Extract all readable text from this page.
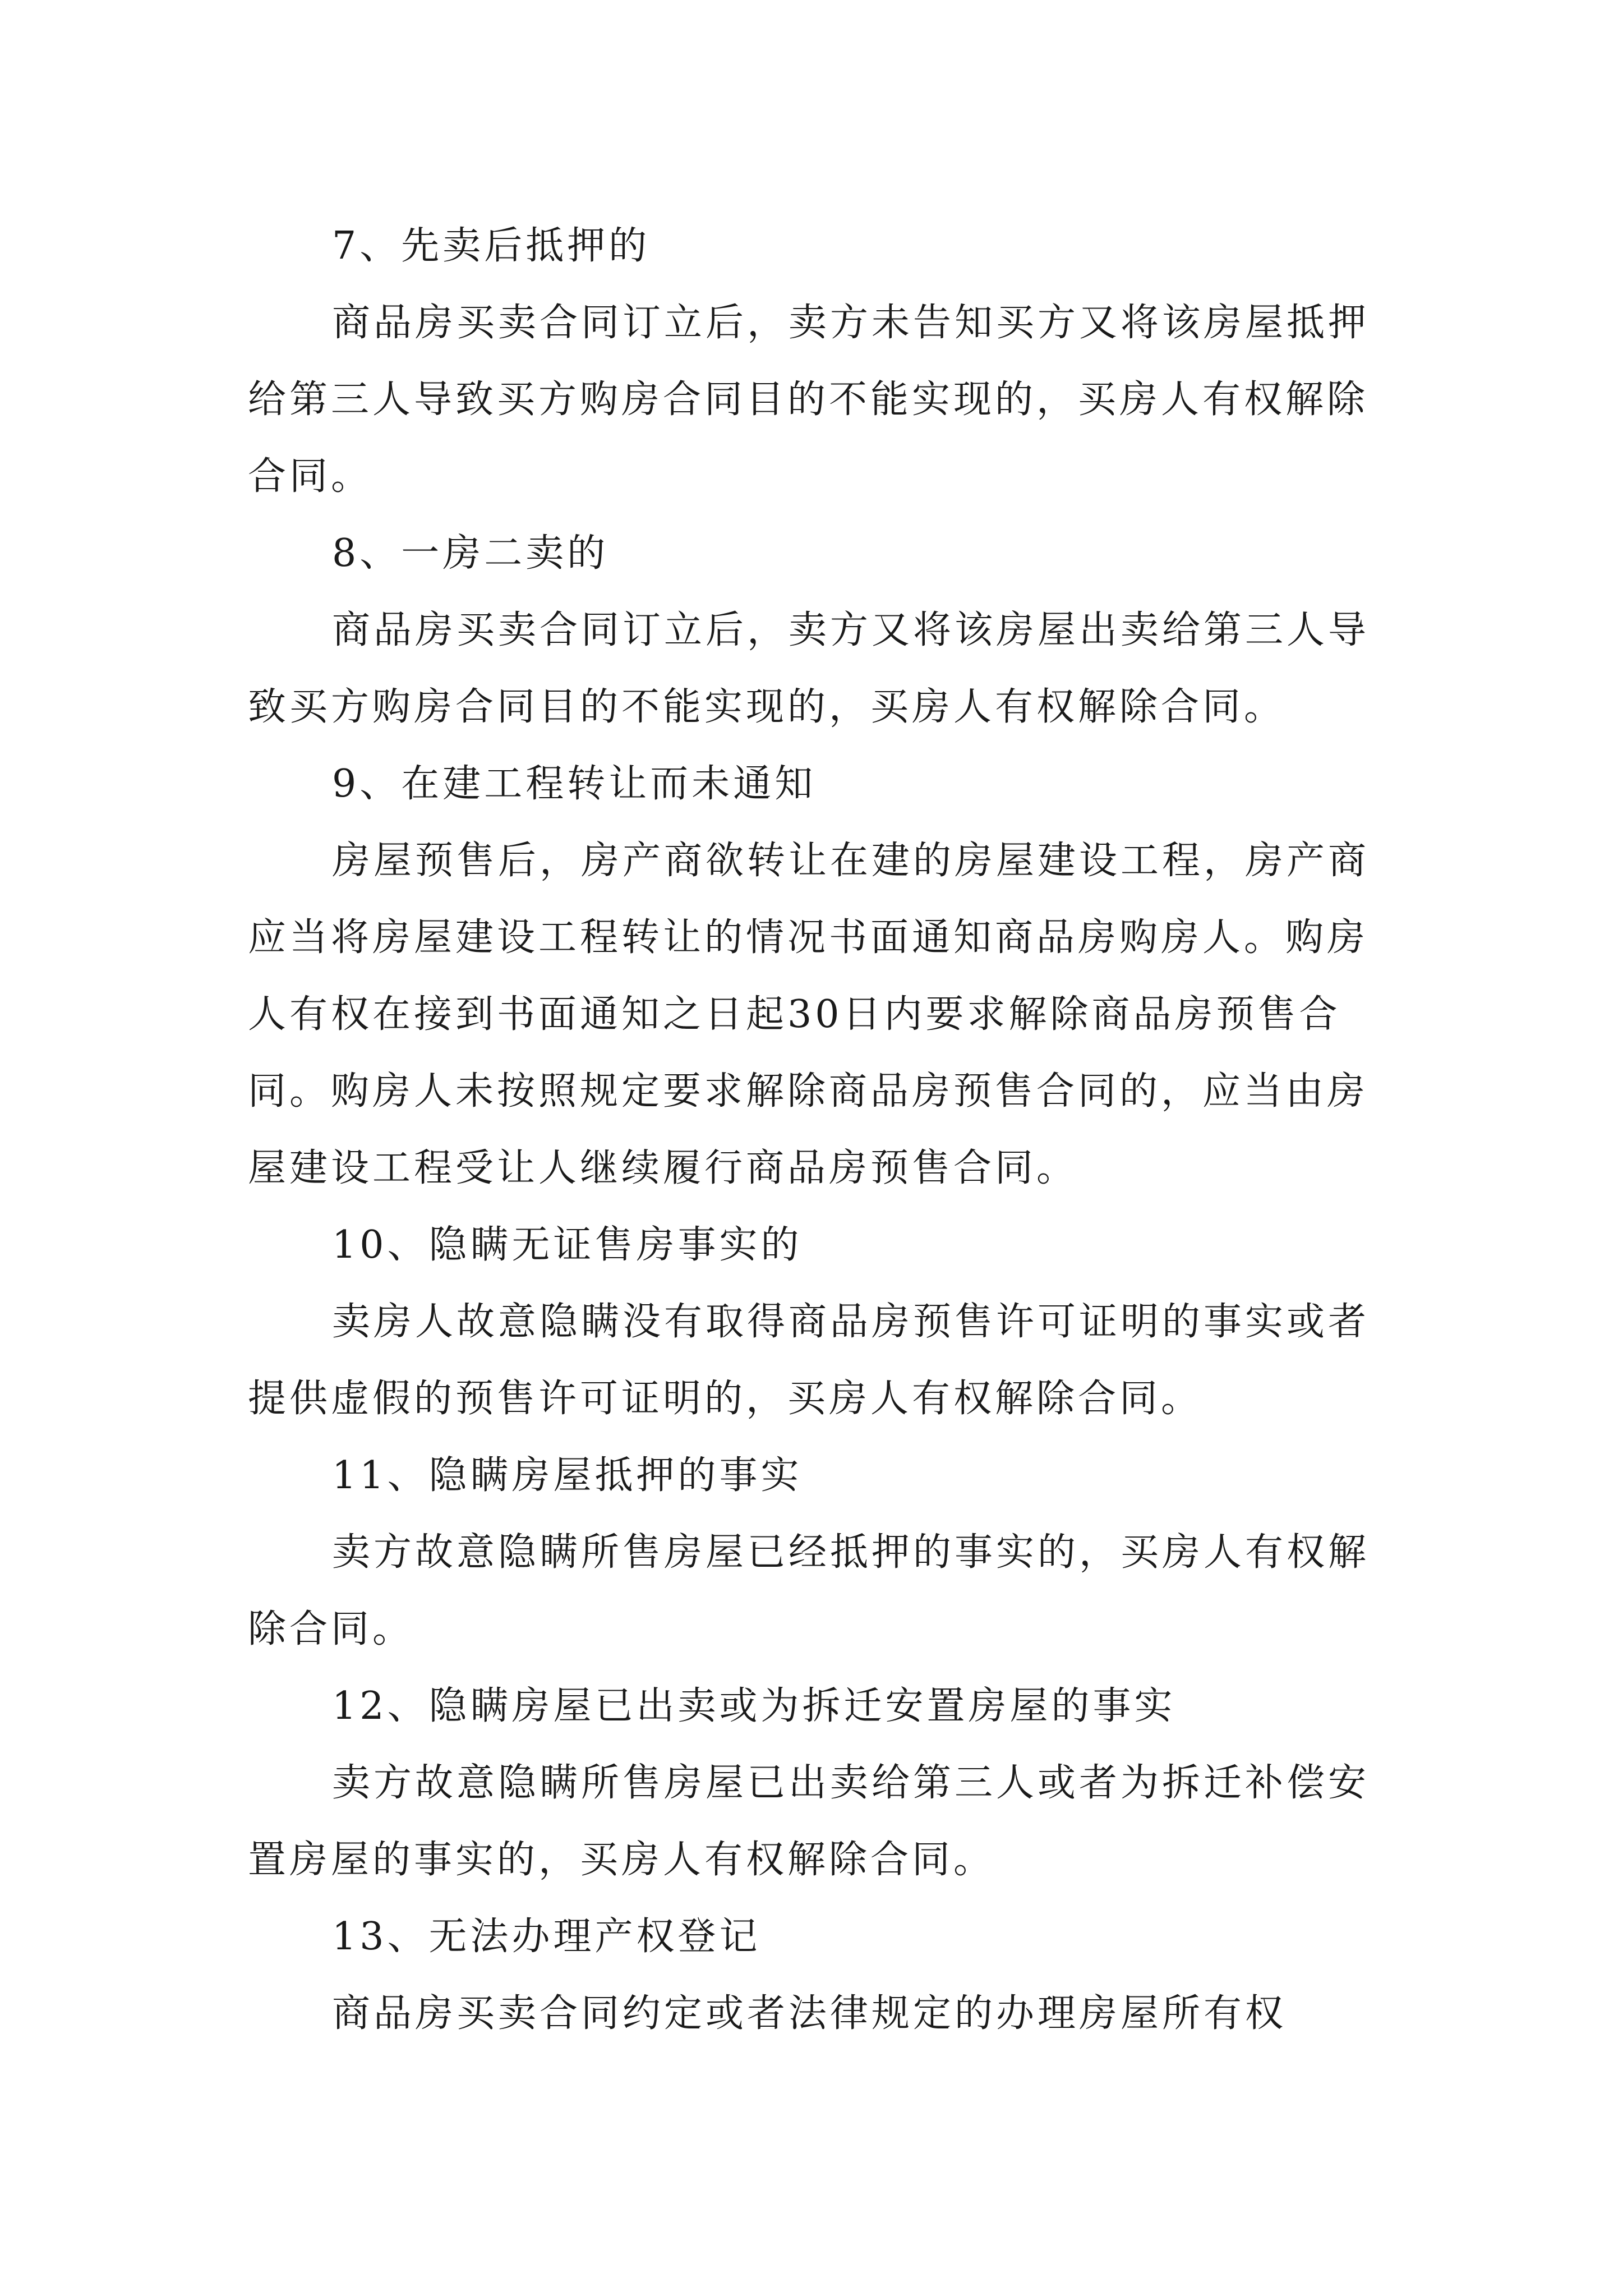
7、先卖后抵押的

商品房买卖合同订立后，卖方未告知买方又将该房屋抵押给第三人导致买方购房合同目的不能实现的，买房人有权解除合同。

8、一房二卖的

商品房买卖合同订立后，卖方又将该房屋出卖给第三人导致买方购房合同目的不能实现的，买房人有权解除合同。

9、在建工程转让而未通知

房屋预售后，房产商欲转让在建的房屋建设工程，房产商应当将房屋建设工程转让的情况书面通知商品房购房人。购房人有权在接到书面通知之日起30日内要求解除商品房预售合同。购房人未按照规定要求解除商品房预售合同的，应当由房屋建设工程受让人继续履行商品房预售合同。

10、隐瞒无证售房事实的

卖房人故意隐瞒没有取得商品房预售许可证明的事实或者提供虚假的预售许可证明的，买房人有权解除合同。

11、隐瞒房屋抵押的事实

卖方故意隐瞒所售房屋已经抵押的事实的，买房人有权解除合同。

12、隐瞒房屋已出卖或为拆迁安置房屋的事实

卖方故意隐瞒所售房屋已出卖给第三人或者为拆迁补偿安置房屋的事实的，买房人有权解除合同。

13、无法办理产权登记

商品房买卖合同约定或者法律规定的办理房屋所有权
